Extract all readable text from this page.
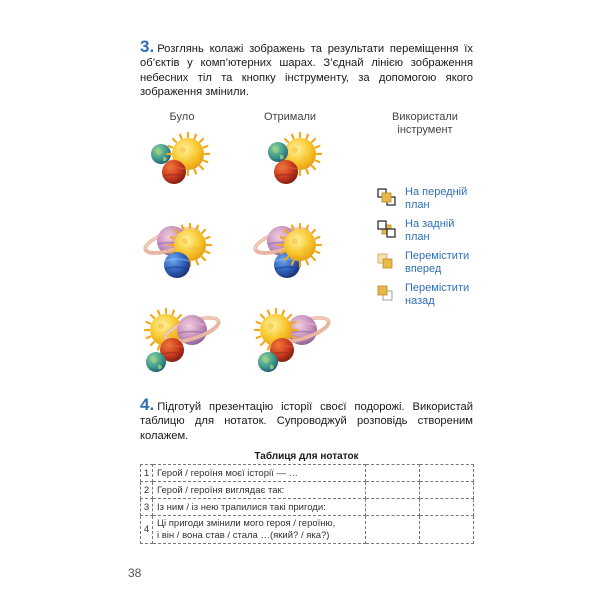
3. Розглянь колажі зображень та результати переміщення їх об’єктів у комп’ютерних шарах. З’єднай лінією зображення небесних тіл та кнопку інструменту, за допомогою якого зображення змінили.
Було	Отримали	Використали
інструмент
На передній
план
На задній
план
Перемістити
вперед
Перемістити
назад
4. Підготуй презентацію історії своєї подорожі. Використай таблицю для нотаток. Супроводжуй розповідь створеним колажем.
Таблиця для нотаток
1	Герой / героїня моєї історії — …		
2	Герой / героїня виглядає так:		
3	Із ним / із нею трапилися такі пригоди:		
4	Ці пригоди змінили мого героя / героїню,
і він / вона став / стала …(який? / яка?)		

38
